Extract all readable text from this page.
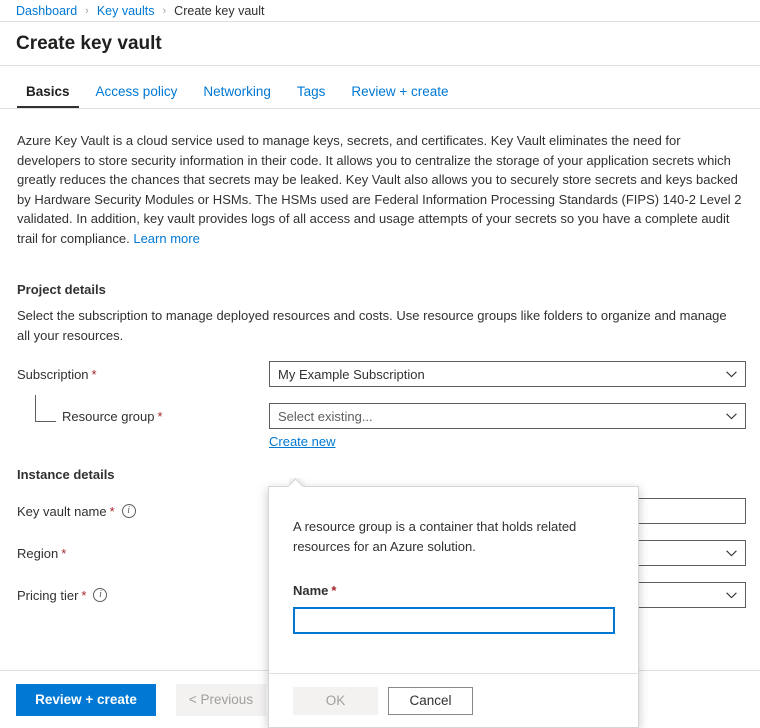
Dashboard › Key vaults › Create key vault
Create key vault
Basics	Access policy	Networking	Tags	Review + create
Azure Key Vault is a cloud service used to manage keys, secrets, and certificates. Key Vault eliminates the need for developers to store security information in their code. It allows you to centralize the storage of your application secrets which greatly reduces the chances that secrets may be leaked. Key Vault also allows you to securely store secrets and keys backed by Hardware Security Modules or HSMs. The HSMs used are Federal Information Processing Standards (FIPS) 140-2 Level 2 validated. In addition, key vault provides logs of all access and usage attempts of your secrets so you have a complete audit trail for compliance. Learn more
Project details
Select the subscription to manage deployed resources and costs. Use resource groups like folders to organize and manage all your resources.
Subscription *	My Example Subscription
Resource group *	Select existing...
Create new
Instance details
Key vault name *	i
Region *
Pricing tier *	i
Review + create	< Previous
A resource group is a container that holds related resources for an Azure solution.
Name *
OK	Cancel
